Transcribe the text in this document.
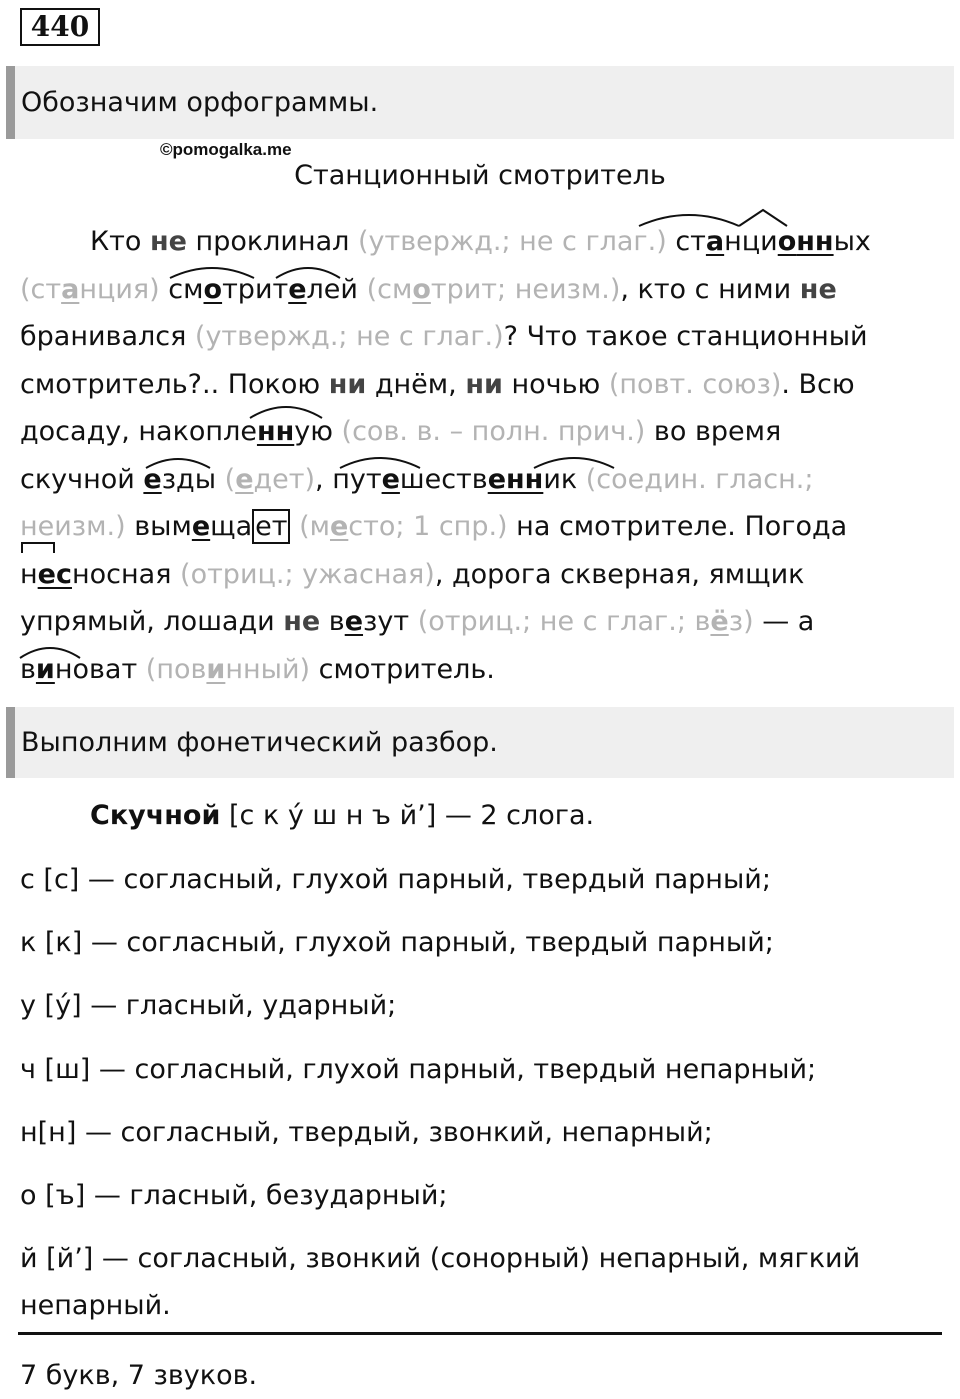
440
Обозначим орфограммы.
©pomogalka.me
Станционный смотритель
Кто не проклинал (утвержд.; не с глаг.) станционных
(станция) смотрителей (смотрит; неизм.), кто с ними не
бранивался (утвержд.; не с глаг.)? Что такое станционный
смотритель?.. Покою ни днём, ни ночью (повт. союз). Всю
досаду, накопленную (сов. в. – полн. прич.) во время
скучной езды (едет), путешественник (соедин. гласн.;
неизм.) вымеща ет (место; 1 спр.) на смотрителе. Погода
несносная (отриц.; ужасная), дорога скверная, ямщик
упрямый, лошади не везут (отриц.; не с глаг.; вёз) — а
виноват (повинный) смотритель.
Выполним фонетический разбор.
Скучной [с к у́ ш н ъ й’] — 2 слога.
с [с] — согласный, глухой парный, твердый парный;
к [к] — согласный, глухой парный, твердый парный;
у [у́] — гласный, ударный;
ч [ш] — согласный, глухой парный, твердый непарный;
н[н] — согласный, твердый, звонкий, непарный;
о [ъ] — гласный, безударный;
й [й’] — согласный, звонкий (сонорный) непарный, мягкий
непарный.
7 букв, 7 звуков.
